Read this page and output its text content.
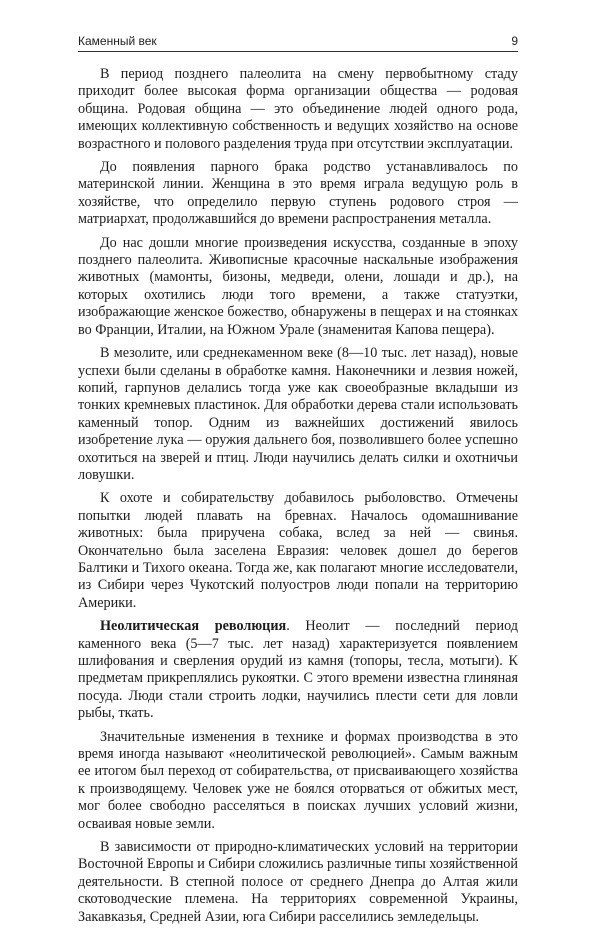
Каменный век	9

В период позднего палеолита на смену первобытному стаду приходит более высокая форма организации общества — родовая община. Родовая община — это объединение людей одного рода, имеющих коллективную собственность и ведущих хозяйство на основе возрастного и полового разделения труда при отсутствии эксплуатации.

До появления парного брака родство устанавливалось по материнской линии. Женщина в это время играла ведущую роль в хозяйстве, что определило первую ступень родового строя — матриархат, продолжавшийся до времени распространения металла.

До нас дошли многие произведения искусства, созданные в эпоху позднего палеолита. Живописные красочные наскальные изображения животных (мамонты, бизоны, медведи, олени, лошади и др.), на которых охотились люди того времени, а также статуэтки, изображающие женское божество, обнаружены в пещерах и на стоянках во Франции, Италии, на Южном Урале (знаменитая Капова пещера).

В мезолите, или среднекаменном веке (8—10 тыс. лет назад), новые успехи были сделаны в обработке камня. Наконечники и лезвия ножей, копий, гарпунов делались тогда уже как своеобразные вкладыши из тонких кремневых пластинок. Для обработки дерева стали использовать каменный топор. Одним из важнейших достижений явилось изобретение лука — оружия дальнего боя, позволившего более успешно охотиться на зверей и птиц. Люди научились делать силки и охотничьи ловушки.

К охоте и собирательству добавилось рыболовство. Отмечены попытки людей плавать на бревнах. Началось одомашнивание животных: была приручена собака, вслед за ней — свинья. Окончательно была заселена Евразия: человек дошел до берегов Балтики и Тихого океана. Тогда же, как полагают многие исследователи, из Сибири через Чукотский полуостров люди попали на территорию Америки.

Неолитическая революция. Неолит — последний период каменного века (5—7 тыс. лет назад) характеризуется появлением шлифования и сверления орудий из камня (топоры, тесла, мотыги). К предметам прикреплялись рукоятки. С этого времени известна глиняная посуда. Люди стали строить лодки, научились плести сети для ловли рыбы, ткать.

Значительные изменения в технике и формах производства в это время иногда называют «неолитической революцией». Самым важным ее итогом был переход от собирательства, от присваивающего хозяйства к производящему. Человек уже не боялся оторваться от обжитых мест, мог более свободно расселяться в поисках лучших условий жизни, осваивая новые земли.

В зависимости от природно-климатических условий на территории Восточной Европы и Сибири сложились различные типы хозяйственной деятельности. В степной полосе от среднего Днепра до Алтая жили скотоводческие племена. На территориях современной Украины, Закавказья, Средней Азии, юга Сибири расселились земледельцы.
